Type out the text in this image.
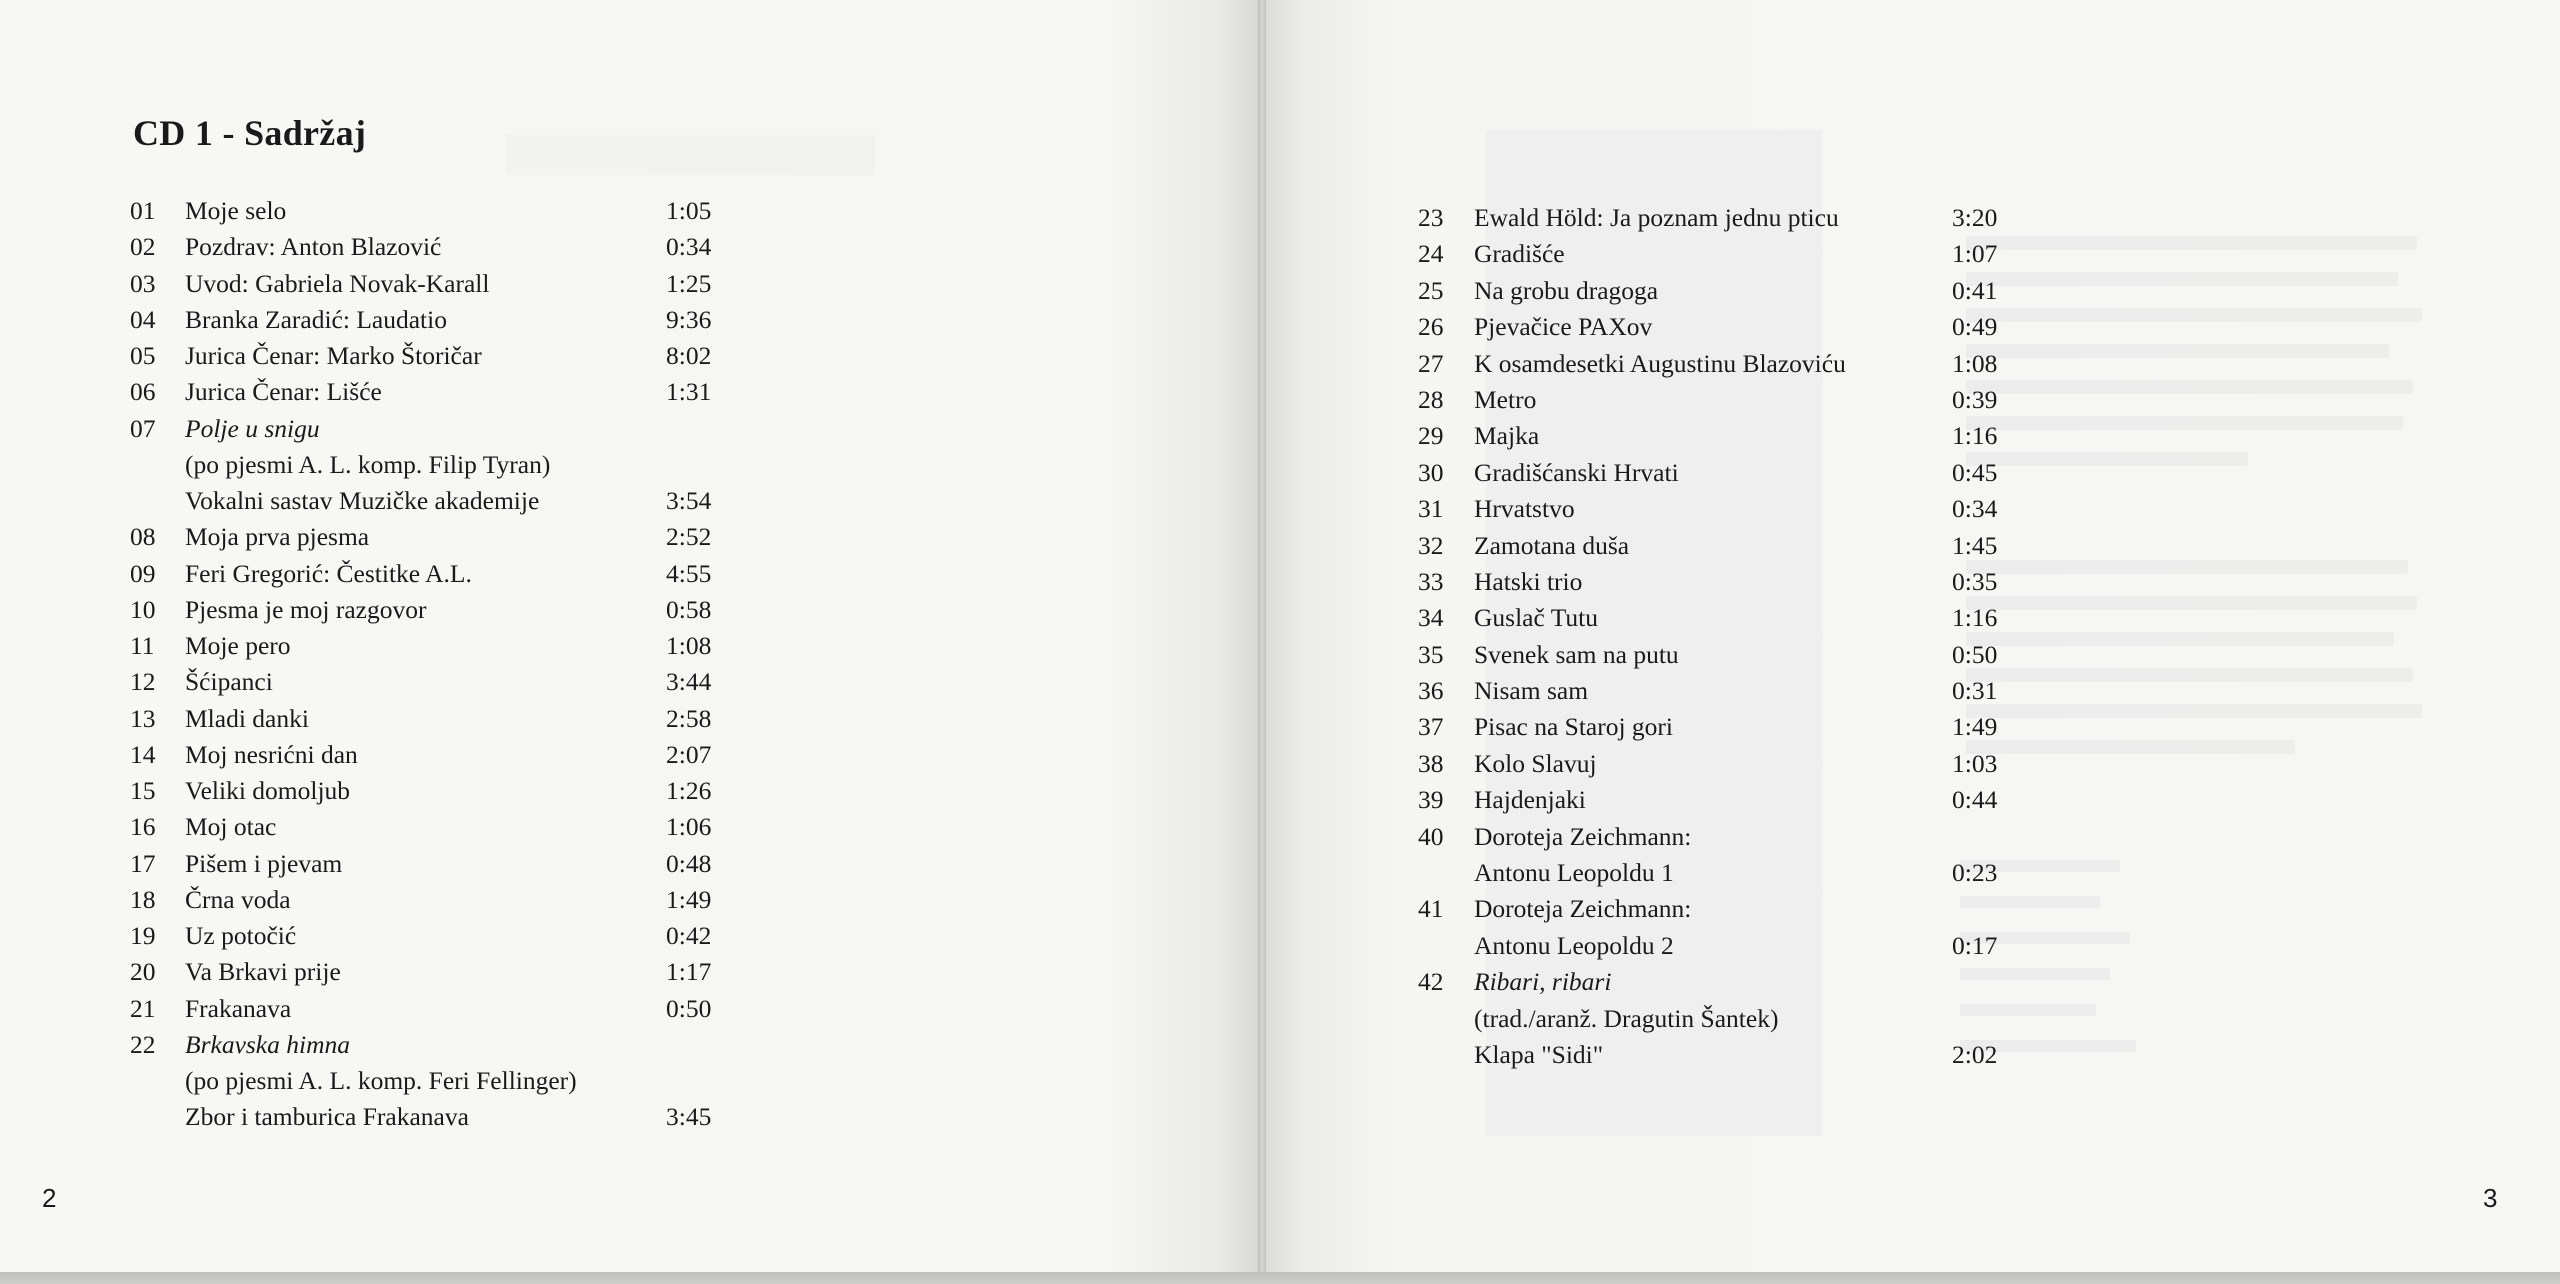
CD 1 - Sadržaj
01 Moje selo	1:05
02 Pozdrav: Anton Blazović	0:34
03 Uvod: Gabriela Novak-Karall	1:25
04 Branka Zaradić: Laudatio	9:36
05 Jurica Čenar: Marko Štoričar	8:02
06 Jurica Čenar: Lišće	1:31
07 Polje u snigu
(po pjesmi A. L. komp. Filip Tyran)
Vokalni sastav Muzičke akademije	3:54
08 Moja prva pjesma	2:52
09 Feri Gregorić: Čestitke A.L.	4:55
10 Pjesma je moj razgovor	0:58
11 Moje pero	1:08
12 Šćipanci	3:44
13 Mladi danki	2:58
14 Moj nesrićni dan	2:07
15 Veliki domoljub	1:26
16 Moj otac	1:06
17 Pišem i pjevam	0:48
18 Črna voda	1:49
19 Uz potočić	0:42
20 Va Brkavi prije	1:17
21 Frakanava	0:50
22 Brkavska himna
(po pjesmi A. L. komp. Feri Fellinger)
Zbor i tamburica Frakanava	3:45
2
23 Ewald Höld: Ja poznam jednu pticu	3:20
24 Gradišće	1:07
25 Na grobu dragoga	0:41
26 Pjevačice PAXov	0:49
27 K osamdesetki Augustinu Blazoviću	1:08
28 Metro	0:39
29 Majka	1:16
30 Gradišćanski Hrvati	0:45
31 Hrvatstvo	0:34
32 Zamotana duša	1:45
33 Hatski trio	0:35
34 Guslač Tutu	1:16
35 Svenek sam na putu	0:50
36 Nisam sam	0:31
37 Pisac na Staroj gori	1:49
38 Kolo Slavuj	1:03
39 Hajdenjaki	0:44
40 Doroteja Zeichmann:
Antonu Leopoldu 1	0:23
41 Doroteja Zeichmann:
Antonu Leopoldu 2	0:17
42 Ribari, ribari
(trad./aranž. Dragutin Šantek)
Klapa "Sidi"	2:02
3
